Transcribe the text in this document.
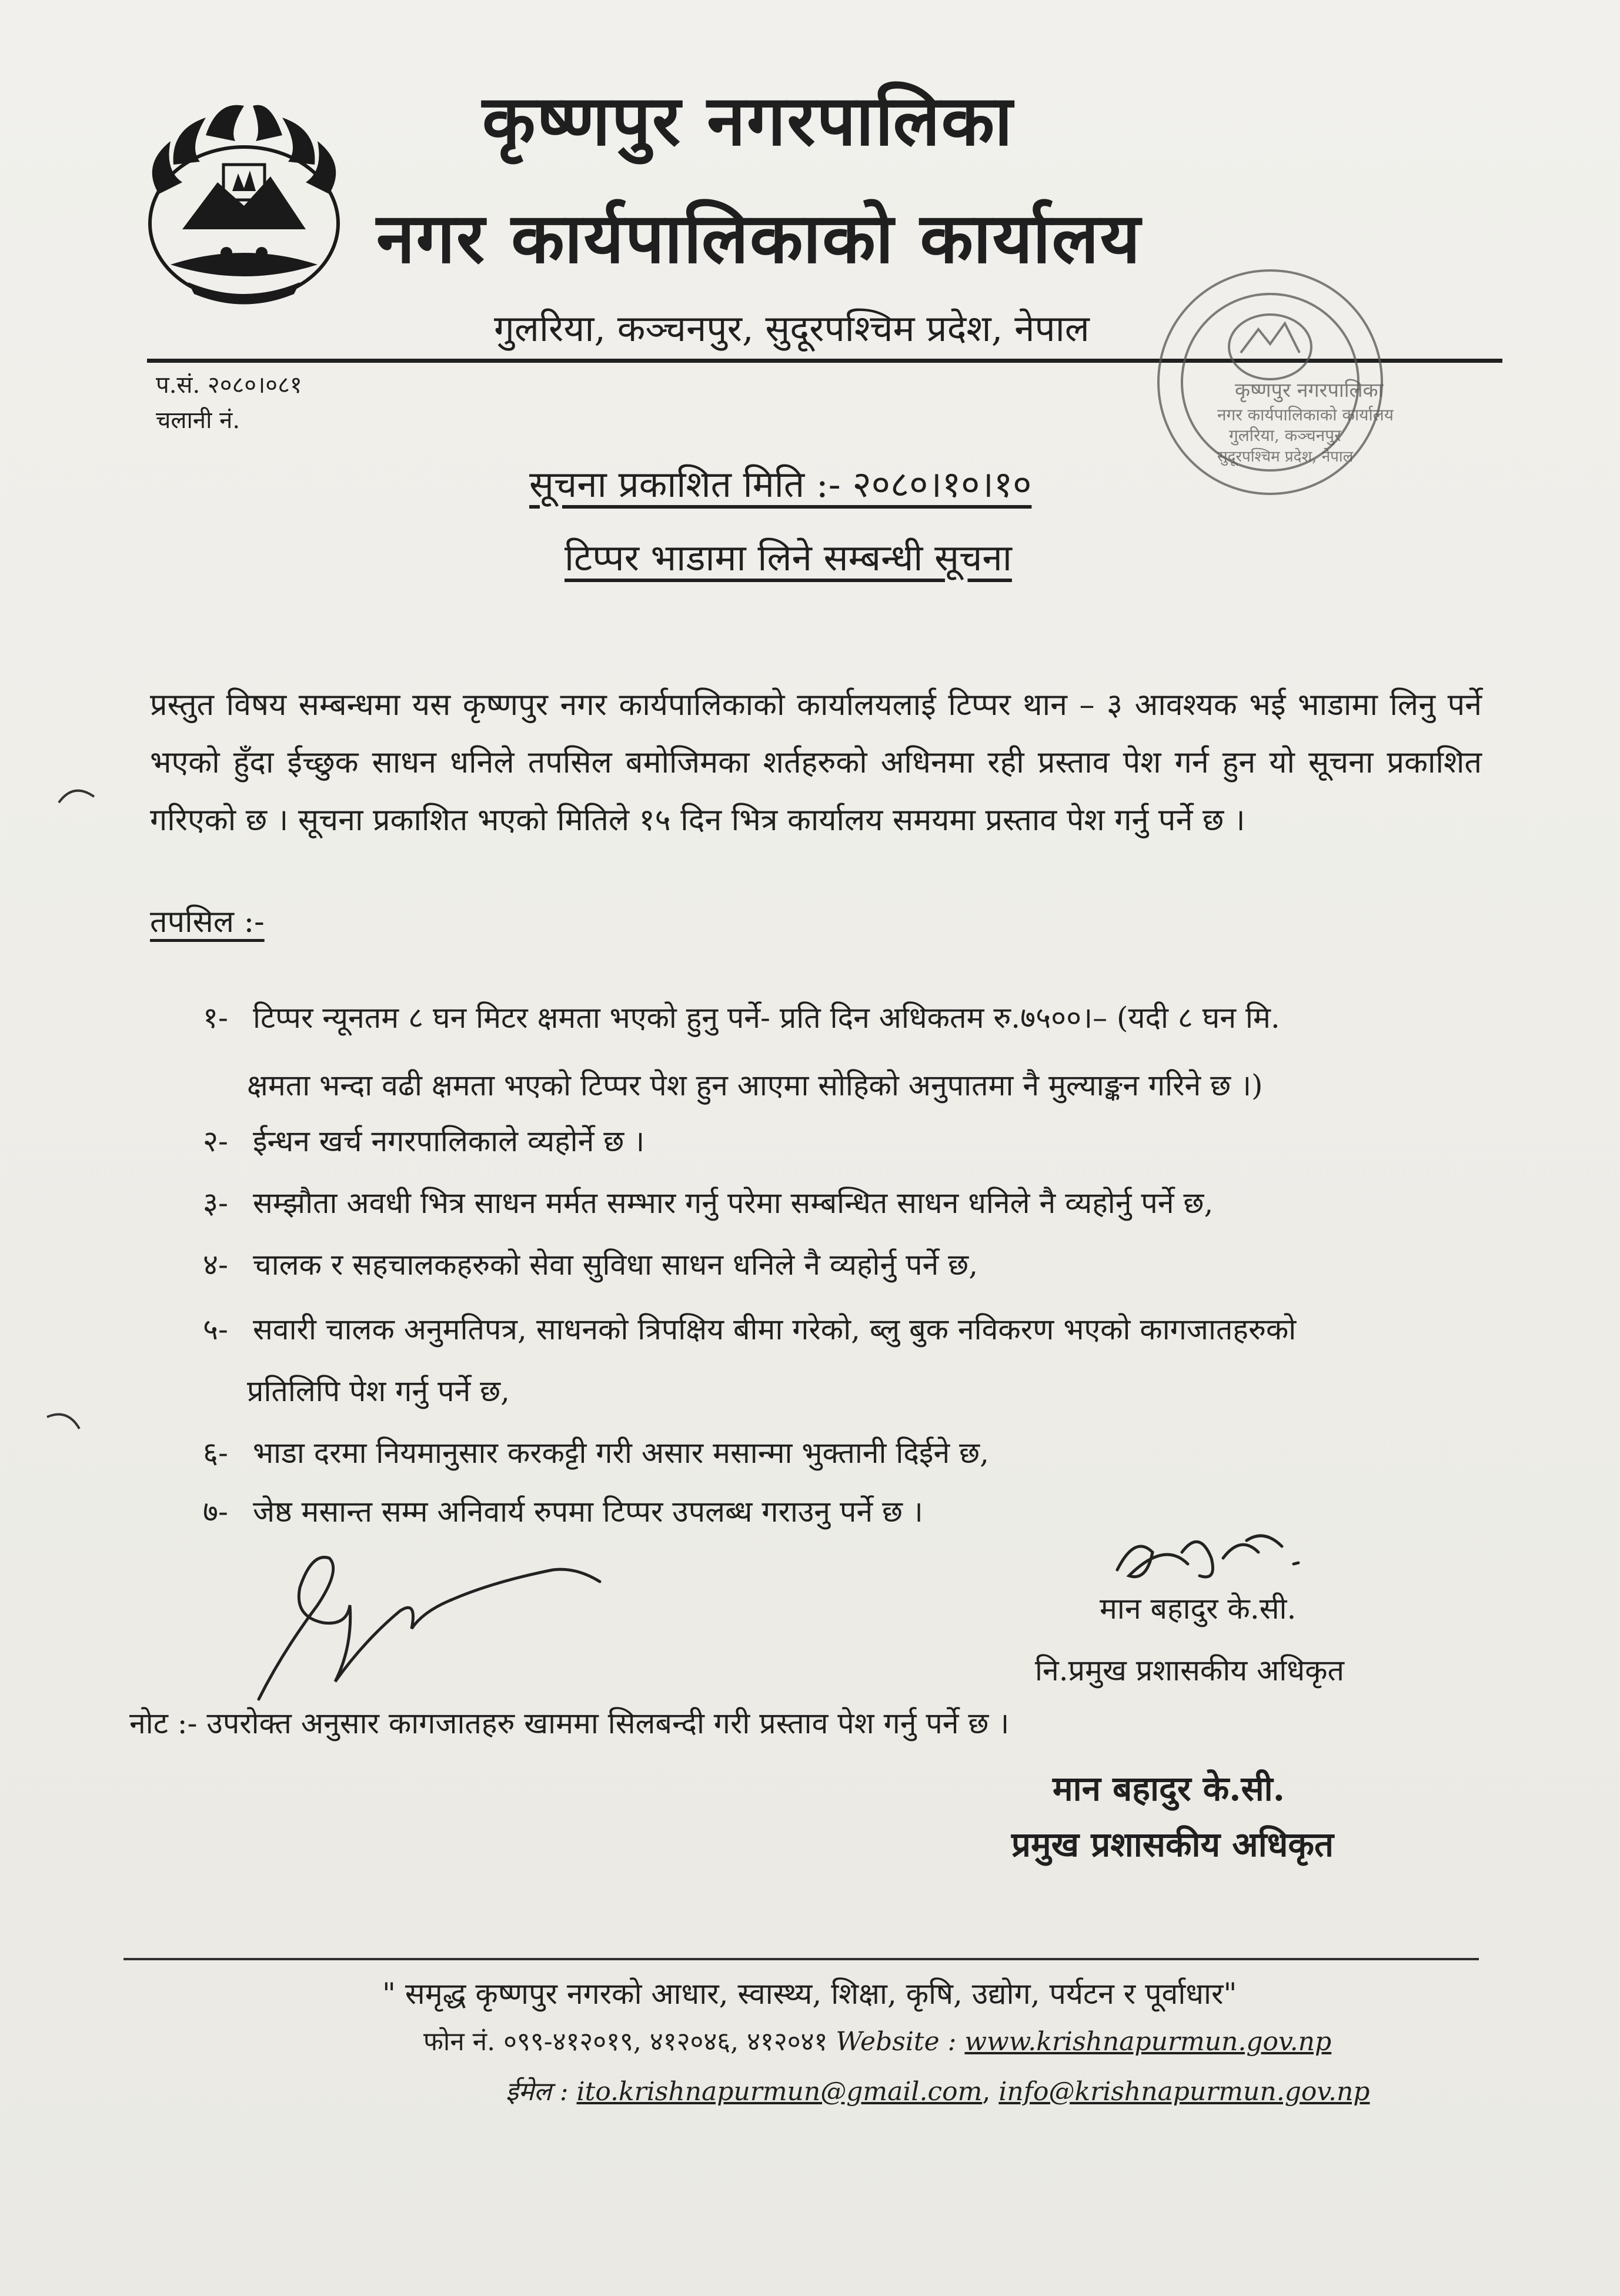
कृष्णपुर नगरपालिका
नगर कार्यपालिकाको कार्यालय
गुलरिया, कञ्चनपुर, सुदूरपश्चिम प्रदेश, नेपाल
प.सं. २०८०।०८१
चलानी नं.
कृष्णपुर नगरपालिका
नगर कार्यपालिकाको कार्यालय
गुलरिया, कञ्चनपुर
सुदूरपश्चिम प्रदेश, नेपाल
सूचना प्रकाशित मिति :- २०८०।१०।१०
टिप्पर भाडामा लिने सम्बन्धी सूचना
प्रस्तुत विषय सम्बन्धमा यस कृष्णपुर नगर कार्यपालिकाको कार्यालयलाई टिप्पर थान – ३ आवश्यक भई भाडामा लिनु पर्ने भएको हुँदा ईच्छुक साधन धनिले तपसिल बमोजिमका शर्तहरुको अधिनमा रही प्रस्ताव पेश गर्न हुन यो सूचना प्रकाशित गरिएको छ । सूचना प्रकाशित भएको मितिले १५ दिन भित्र कार्यालय समयमा प्रस्ताव पेश गर्नु पर्ने छ ।
तपसिल :-
१- टिप्पर न्यूनतम ८ घन मिटर क्षमता भएको हुनु पर्ने- प्रति दिन अधिकतम रु.७५००।– (यदी ८ घन मि.
क्षमता भन्दा वढी क्षमता भएको टिप्पर पेश हुन आएमा सोहिको अनुपातमा नै मुल्याङ्कन गरिने छ ।)
२- ईन्धन खर्च नगरपालिकाले व्यहोर्ने छ ।
३- सम्झौता अवधी भित्र साधन मर्मत सम्भार गर्नु परेमा सम्बन्धित साधन धनिले नै व्यहोर्नु पर्ने छ,
४- चालक र सहचालकहरुको सेवा सुविधा साधन धनिले नै व्यहोर्नु पर्ने छ,
५- सवारी चालक अनुमतिपत्र, साधनको त्रिपक्षिय बीमा गरेको, ब्लु बुक नविकरण भएको कागजातहरुको
प्रतिलिपि पेश गर्नु पर्ने छ,
६- भाडा दरमा नियमानुसार करकट्टी गरी असार मसान्मा भुक्तानी दिईने छ,
७- जेष्ठ मसान्त सम्म अनिवार्य रुपमा टिप्पर उपलब्ध गराउनु पर्ने छ ।
मान बहादुर के.सी.
नि.प्रमुख प्रशासकीय अधिकृत
नोट :- उपरोक्त अनुसार कागजातहरु खाममा सिलबन्दी गरी प्रस्ताव पेश गर्नु पर्ने छ ।
मान बहादुर के.सी.
प्रमुख प्रशासकीय अधिकृत
" समृद्ध कृष्णपुर नगरको आधार, स्वास्थ्य, शिक्षा, कृषि, उद्योग, पर्यटन र पूर्वाधार"
फोन नं. ०९९-४१२०१९, ४१२०४६, ४१२०४१ Website : www.krishnapurmun.gov.np
ईमेल : ito.krishnapurmun@gmail.com, info@krishnapurmun.gov.np
